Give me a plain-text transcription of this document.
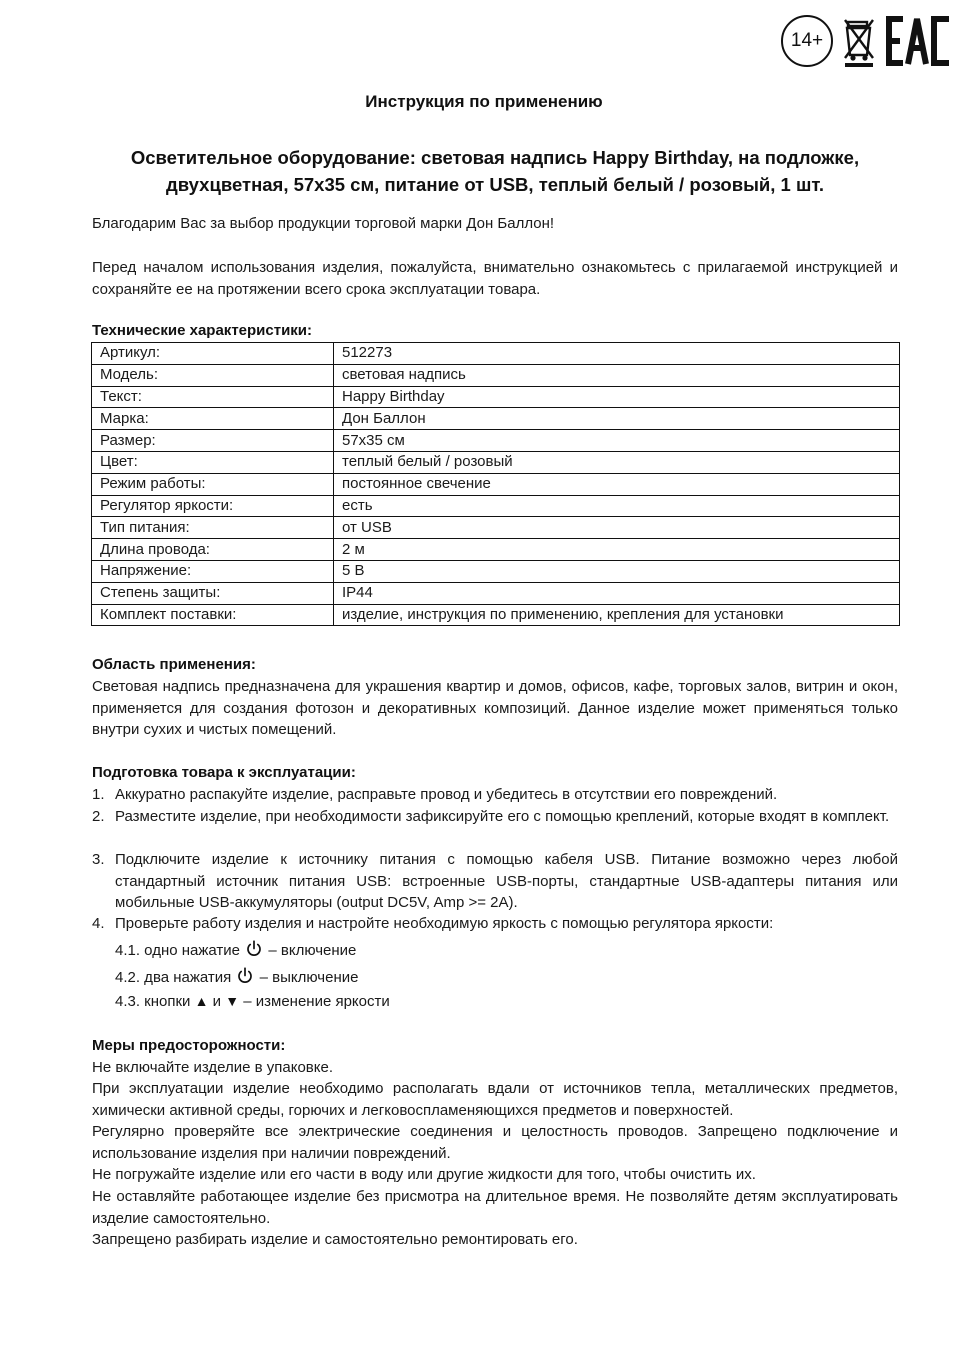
14+
Инструкция по применению
Осветительное оборудование: световая надпись Happy Birthday, на подложке, двухцветная, 57х35 см, питание от USB, теплый белый / розовый, 1 шт.

Благодарим Вас за выбор продукции торговой марки Дон Баллон!

Перед началом использования изделия, пожалуйста, внимательно ознакомьтесь с прилагаемой инструкцией и сохраняйте ее на протяжении всего срока эксплуатации товара.

Технические характеристики:

Артикул:	512273
Модель:	световая надпись
Текст:	Happy Birthday
Марка:	Дон Баллон
Размер:	57х35 см
Цвет:	теплый белый / розовый
Режим работы:	постоянное свечение
Регулятор яркости:	есть
Тип питания:	от USB
Длина провода:	2 м
Напряжение:	5 В
Степень защиты:	IP44
Комплект поставки:	изделие, инструкция по применению, крепления для установки

Область применения:

Световая надпись предназначена для украшения квартир и домов, офисов, кафе, торговых залов, витрин и окон, применяется для создания фотозон и декоративных композиций. Данное изделие может применяться только внутри сухих и чистых помещений.

Подготовка товара к эксплуатации:

1. Аккуратно распакуйте изделие, расправьте провод и убедитесь в отсутствии его повреждений.
2. Разместите изделие, при необходимости зафиксируйте его с помощью креплений, которые входят в комплект.
3. Подключите изделие к источнику питания с помощью кабеля USB. Питание возможно через любой стандартный источник питания USB: встроенные USB-порты, стандартные USB-адаптеры питания или мобильные USB-аккумуляторы (output DC5V, Amp >= 2A).
4. Проверьте работу изделия и настройте необходимую яркость с помощью регулятора яркости:
4.1. одно нажатие – включение
4.2. два нажатия – выключение
4.3. кнопки ▲ и ▼ – изменение яркости

Меры предосторожности:

Не включайте изделие в упаковке.

При эксплуатации изделие необходимо располагать вдали от источников тепла, металлических предметов, химически активной среды, горючих и легковоспламеняющихся предметов и поверхностей.

Регулярно проверяйте все электрические соединения и целостность проводов. Запрещено подключение и использование изделия при наличии повреждений.

Не погружайте изделие или его части в воду или другие жидкости для того, чтобы очистить их.

Не оставляйте работающее изделие без присмотра на длительное время. Не позволяйте детям эксплуатировать изделие самостоятельно.

Запрещено разбирать изделие и самостоятельно ремонтировать его.
